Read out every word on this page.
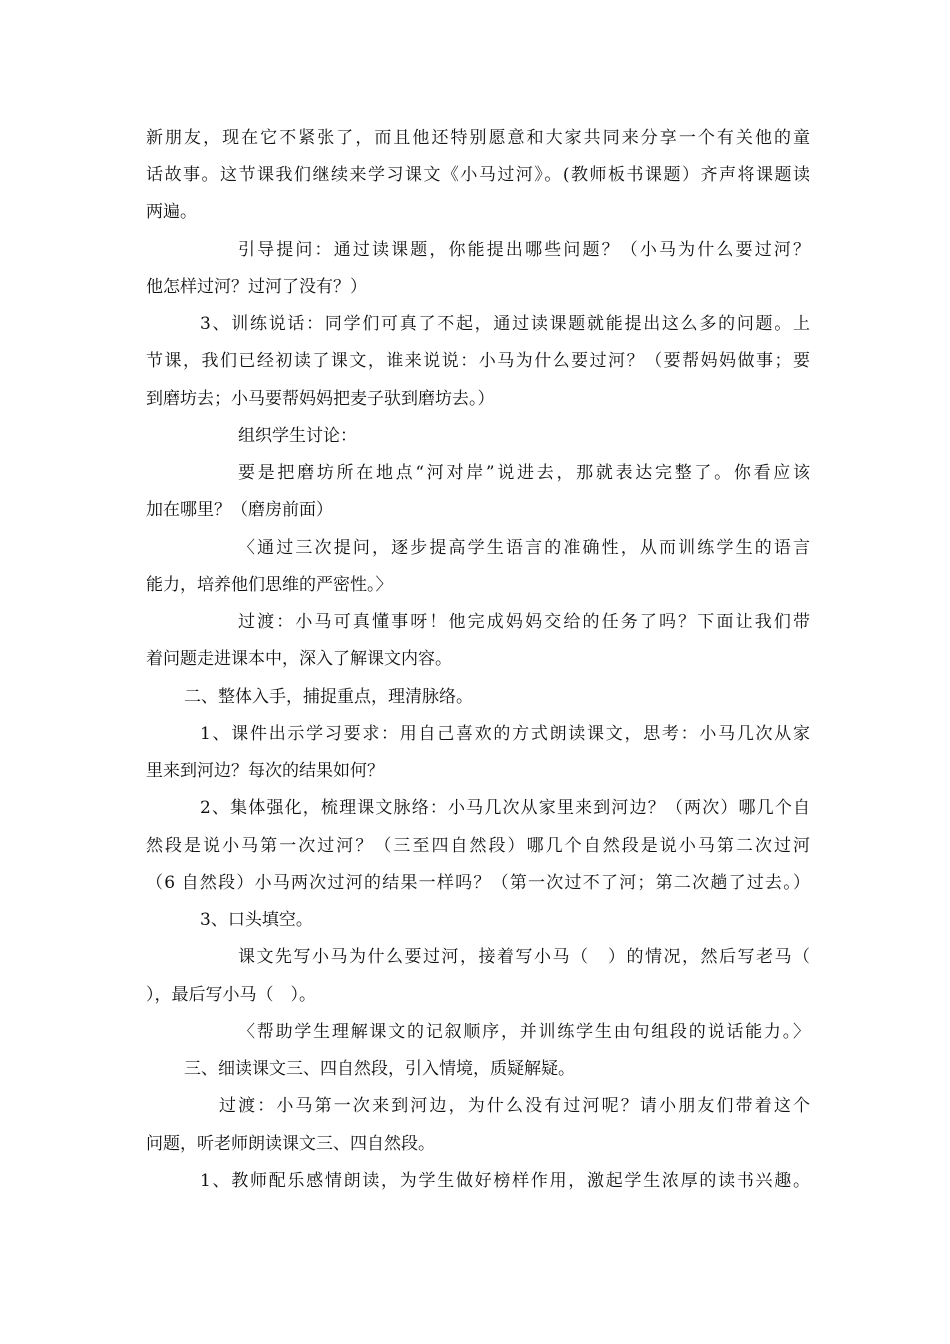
新朋友，现在它不紧张了，而且他还特别愿意和大家共同来分享一个有关他的童
话故事。这节课我们继续来学习课文《小马过河》。(教师板书课题）齐声将课题读
两遍。
引导提问：通过读课题，你能提出哪些问题？（小马为什么要过河？
他怎样过河？过河了没有？）
3、训练说话：同学们可真了不起，通过读课题就能提出这么多的问题。上
节课，我们已经初读了课文，谁来说说：小马为什么要过河？（要帮妈妈做事；要
到磨坊去；小马要帮妈妈把麦子驮到磨坊去。）
组织学生讨论：
要是把磨坊所在地点“河对岸”说进去，那就表达完整了。你看应该
加在哪里？（磨房前面）
〈通过三次提问，逐步提高学生语言的准确性，从而训练学生的语言
能力，培养他们思维的严密性。〉
过渡：小马可真懂事呀！他完成妈妈交给的任务了吗？下面让我们带
着问题走进课本中，深入了解课文内容。
二、整体入手，捕捉重点，理清脉络。
1、课件出示学习要求：用自己喜欢的方式朗读课文，思考：小马几次从家
里来到河边？每次的结果如何？
2、集体强化，梳理课文脉络：小马几次从家里来到河边？（两次）哪几个自
然段是说小马第一次过河？（三至四自然段）哪几个自然段是说小马第二次过河
（6 自然段）小马两次过河的结果一样吗？（第一次过不了河；第二次趟了过去。）
3、口头填空。
课文先写小马为什么要过河，接着写小马（　）的情况，然后写老马（
），最后写小马（　）。
〈帮助学生理解课文的记叙顺序，并训练学生由句组段的说话能力。〉
三、细读课文三、四自然段，引入情境，质疑解疑。
过渡：小马第一次来到河边，为什么没有过河呢？请小朋友们带着这个
问题，听老师朗读课文三、四自然段。
1、教师配乐感情朗读，为学生做好榜样作用，激起学生浓厚的读书兴趣。
